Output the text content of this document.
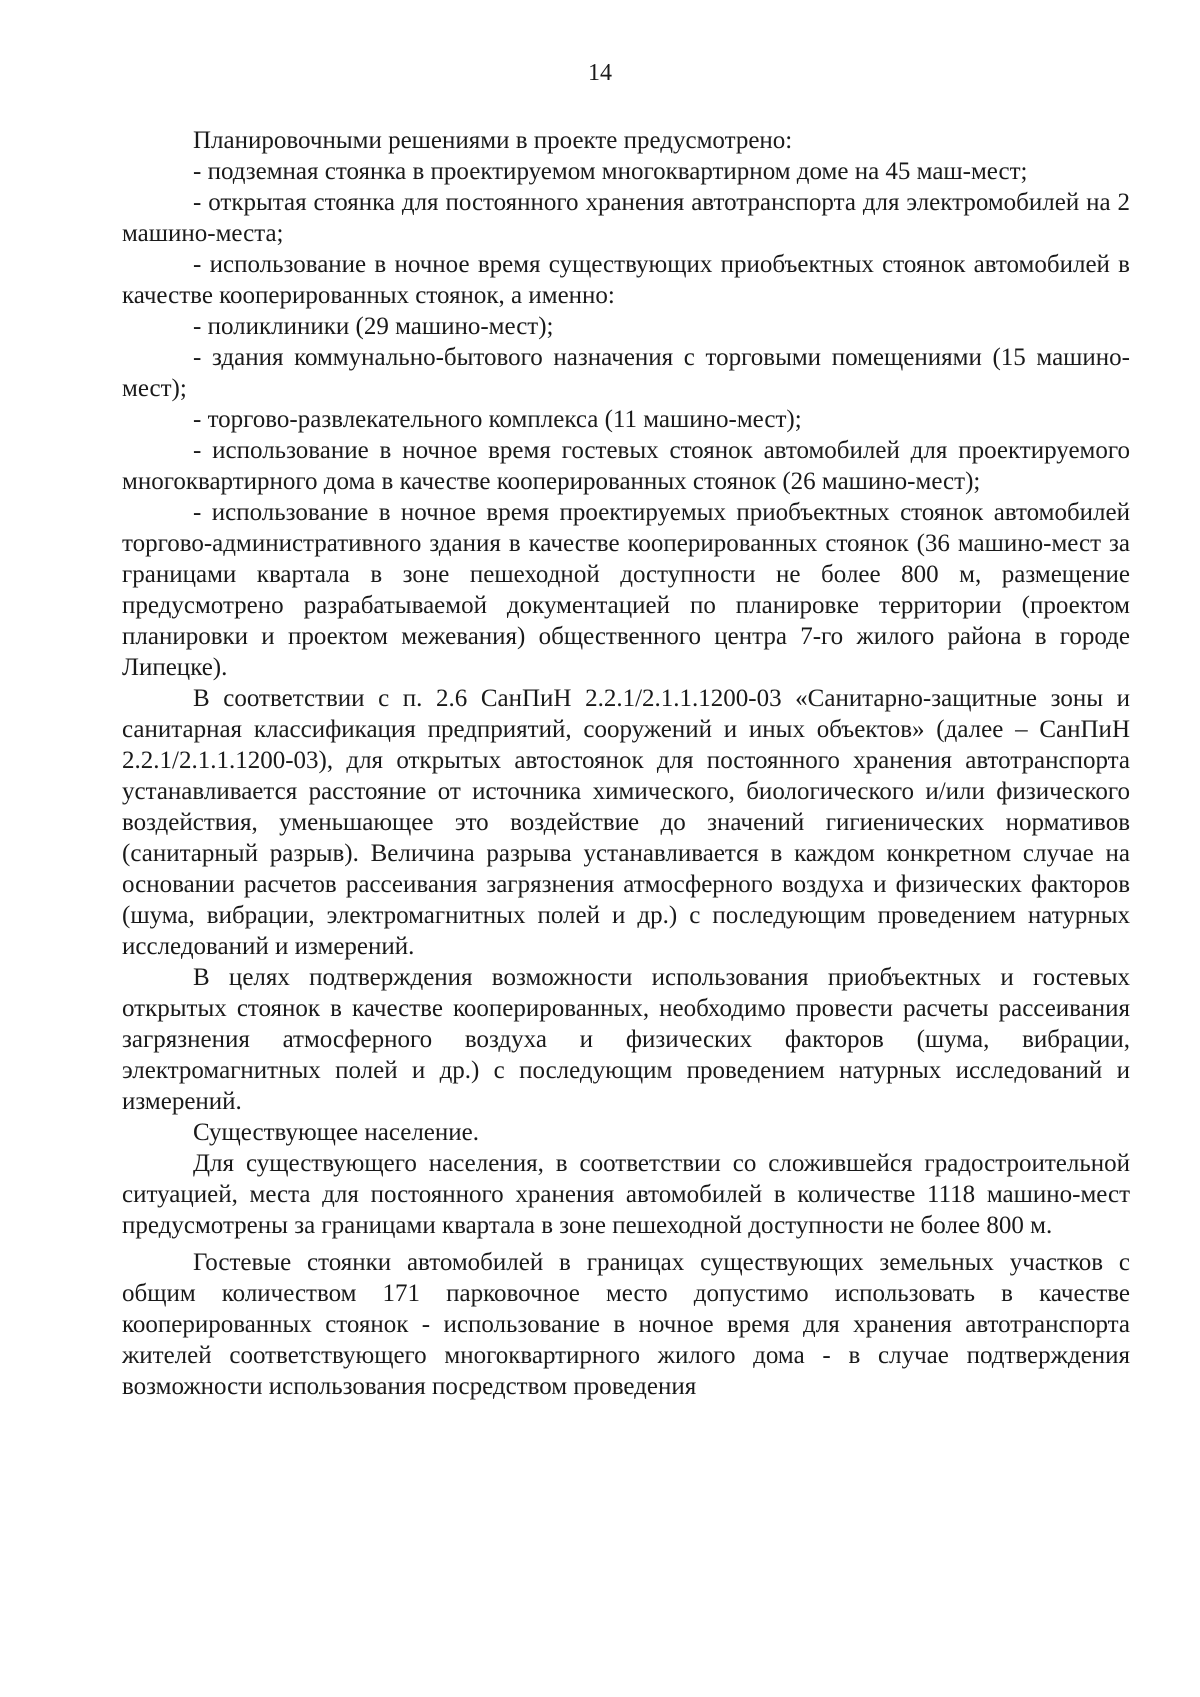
14

Планировочными решениями в проекте предусмотрено:

- подземная стоянка в проектируемом многоквартирном доме на 45 маш-мест;

- открытая стоянка для постоянного хранения автотранспорта для электромобилей на 2 машино-места;

- использование в ночное время существующих приобъектных стоянок автомобилей в качестве кооперированных стоянок, а именно:

- поликлиники (29 машино-мест);

- здания коммунально-бытового назначения с торговыми помещениями (15 машино-мест);

- торгово-развлекательного комплекса (11 машино-мест);

- использование в ночное время гостевых стоянок автомобилей для проектируемого многоквартирного дома в качестве кооперированных стоянок (26 машино-мест);

- использование в ночное время проектируемых приобъектных стоянок автомобилей торгово-административного здания в качестве кооперированных стоянок (36 машино-мест за границами квартала в зоне пешеходной доступности не более 800 м, размещение предусмотрено разрабатываемой документацией по планировке территории (проектом планировки и проектом межевания) общественного центра 7-го жилого района в городе Липецке).

В соответствии с п. 2.6 СанПиН 2.2.1/2.1.1.1200-03 «Санитарно-защитные зоны и санитарная классификация предприятий, сооружений и иных объектов» (далее – СанПиН 2.2.1/2.1.1.1200-03), для открытых автостоянок для постоянного хранения автотранспорта устанавливается расстояние от источника химического, биологического и/или физического воздействия, уменьшающее это воздействие до значений гигиенических нормативов (санитарный разрыв). Величина разрыва устанавливается в каждом конкретном случае на основании расчетов рассеивания загрязнения атмосферного воздуха и физических факторов (шума, вибрации, электромагнитных полей и др.) с последующим проведением натурных исследований и измерений.

В целях подтверждения возможности использования приобъектных и гостевых открытых стоянок в качестве кооперированных, необходимо провести расчеты рассеивания загрязнения атмосферного воздуха и физических факторов (шума, вибрации, электромагнитных полей и др.) с последующим проведением натурных исследований и измерений.

Существующее население.

Для существующего населения, в соответствии со сложившейся градостроительной ситуацией, места для постоянного хранения автомобилей в количестве 1118 машино-мест предусмотрены за границами квартала в зоне пешеходной доступности не более 800 м.

Гостевые стоянки автомобилей в границах существующих земельных участков с общим количеством 171 парковочное место допустимо использовать в качестве кооперированных стоянок - использование в ночное время для хранения автотранспорта жителей соответствующего многоквартирного жилого дома - в случае подтверждения возможности использования посредством проведения
